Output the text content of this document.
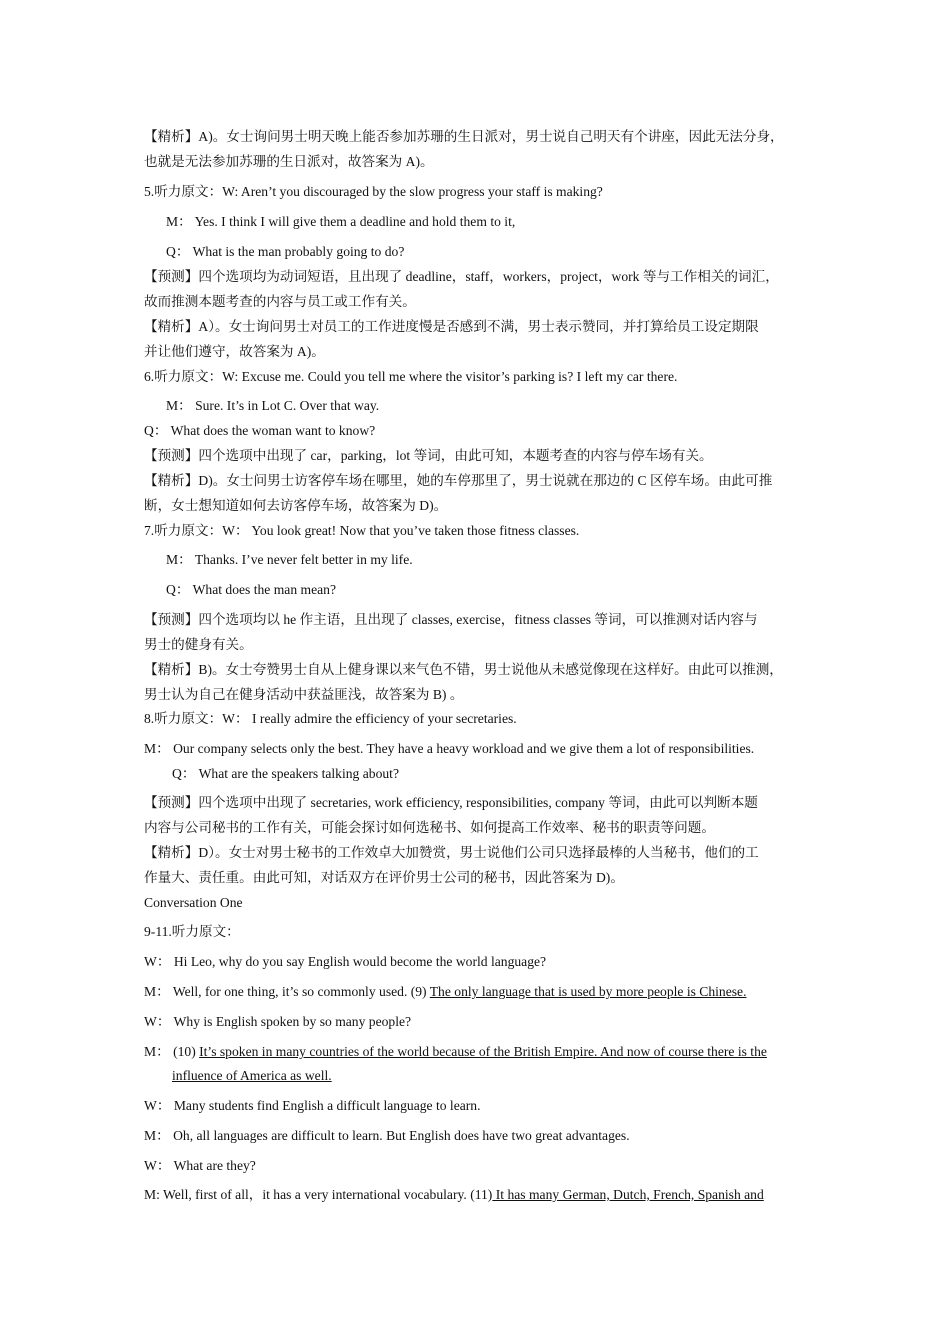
【精析】A)。女士询问男士明天晚上能否参加苏珊的生日派对，男士说自己明天有个讲座，因此无法分身，
也就是无法参加苏珊的生日派对，故答案为 A)。
5.听力原文：W: Aren’t you discouraged by the slow progress your staff is making?
M： Yes. I think I will give them a deadline and hold them to it,
Q： What is the man probably going to do?
【预测】四个选项均为动词短语，且出现了 deadline，staff，workers，project，work 等与工作相关的词汇，
故而推测本题考查的内容与员工或工作有关。
【精析】A）。女士询问男士对员工的工作进度慢是否感到不满，男士表示赞同，并打算给员工设定期限
并让他们遵守，故答案为 A)。
6.听力原文：W: Excuse me. Could you tell me where the visitor’s parking is? I left my car there.
M： Sure. It’s in Lot C. Over that way.
Q： What does the woman want to know?
【预测】四个选项中出现了 car，parking，lot 等词，由此可知，本题考查的内容与停车场有关。
【精析】D)。女士问男士访客停车场在哪里，她的车停那里了，男士说就在那边的 C 区停车场。由此可推
断，女士想知道如何去访客停车场，故答案为 D)。
7.听力原文：W： You look great! Now that you’ve taken those fitness classes.
M： Thanks. I’ve never felt better in my life.
Q： What does the man mean?
【预测】四个选项均以 he 作主语，且出现了 classes, exercise，fitness classes 等词，可以推测对话内容与
男士的健身有关。
【精析】B)。女士夸赞男士自从上健身课以来气色不错，男士说他从未感觉像现在这样好。由此可以推测，
男士认为自己在健身活动中获益匪浅，故答案为 B) 。
8.听力原文：W： I really admire the efficiency of your secretaries.
M： Our company selects only the best. They have a heavy workload and we give them a lot of responsibilities.
Q： What are the speakers talking about?
【预测】四个选项中出现了 secretaries, work efficiency, responsibilities, company 等词，由此可以判断本题
内容与公司秘书的工作有关，可能会探讨如何选秘书、如何提高工作效率、秘书的职责等问题。
【精析】D）。女士对男士秘书的工作效卓大加赞赏，男士说他们公司只选择最棒的人当秘书，他们的工
作量大、责任重。由此可知，对话双方在评价男士公司的秘书，因此答案为 D)。
Conversation One
9-11.听力原文：
W： Hi Leo, why do you say English would become the world language?
M： Well, for one thing, it’s so commonly used. (9) The only language that is used by more people is Chinese.
W： Why is English spoken by so many people?
M： (10) It’s spoken in many countries of the world because of the British Empire. And now of course there is the
influence of America as well.
W： Many students find English a difficult language to learn.
M： Oh, all languages are difficult to learn. But English does have two great advantages.
W： What are they?
M: Well, first of all，it has a very international vocabulary. (11) It has many German, Dutch, French, Spanish and
